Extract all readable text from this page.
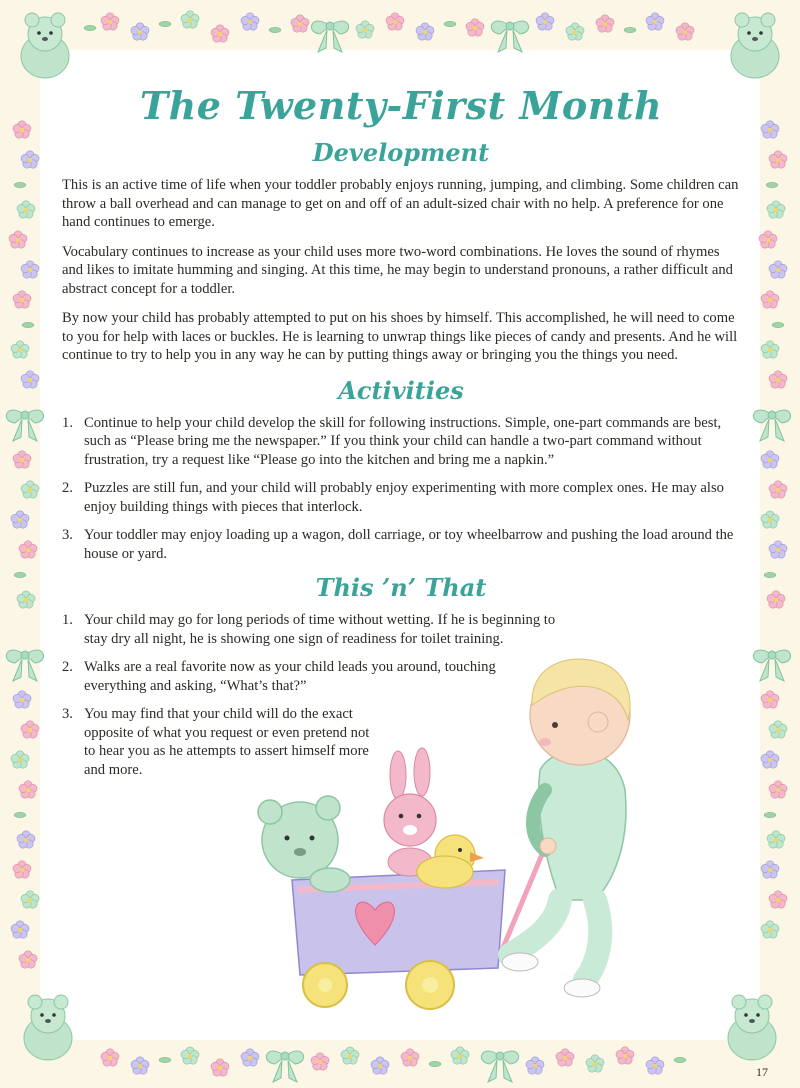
The Twenty-First Month
Development

This is an active time of life when your toddler probably enjoys running, jumping, and climbing. Some children can throw a ball overhead and can manage to get on and off of an adult-sized chair with no help. A preference for one hand continues to emerge.

Vocabulary continues to increase as your child uses more two-word combinations. He loves the sound of rhymes and likes to imitate humming and singing. At this time, he may begin to understand pronouns, a rather difficult and abstract concept for a toddler.

By now your child has probably attempted to put on his shoes by himself. This accomplished, he will need to come to you for help with laces or buckles. He is learning to unwrap things like pieces of candy and presents. And he will continue to try to help you in any way he can by putting things away or bringing you the things you need.

Activities
1. Continue to help your child develop the skill for following instructions. Simple, one-part commands are best, such as “Please bring me the newspaper.” If you think your child can handle a two-part command without frustration, try a request like “Please go into the kitchen and bring me a napkin.”
2. Puzzles are still fun, and your child will probably enjoy experimenting with more complex ones. He may also enjoy building things with pieces that interlock.
3. Your toddler may enjoy loading up a wagon, doll carriage, or toy wheelbarrow and pushing the load around the house or yard.
This ’n’ That
1. Your child may go for long periods of time without wetting. If he is beginning to stay dry all night, he is showing one sign of readiness for toilet training.
2. Walks are a real favorite now as your child leads you around, touching everything and asking, “What’s that?”
3. You may find that your child will do the exact opposite of what you request or even pretend not to hear you as he attempts to assert himself more and more.
17
